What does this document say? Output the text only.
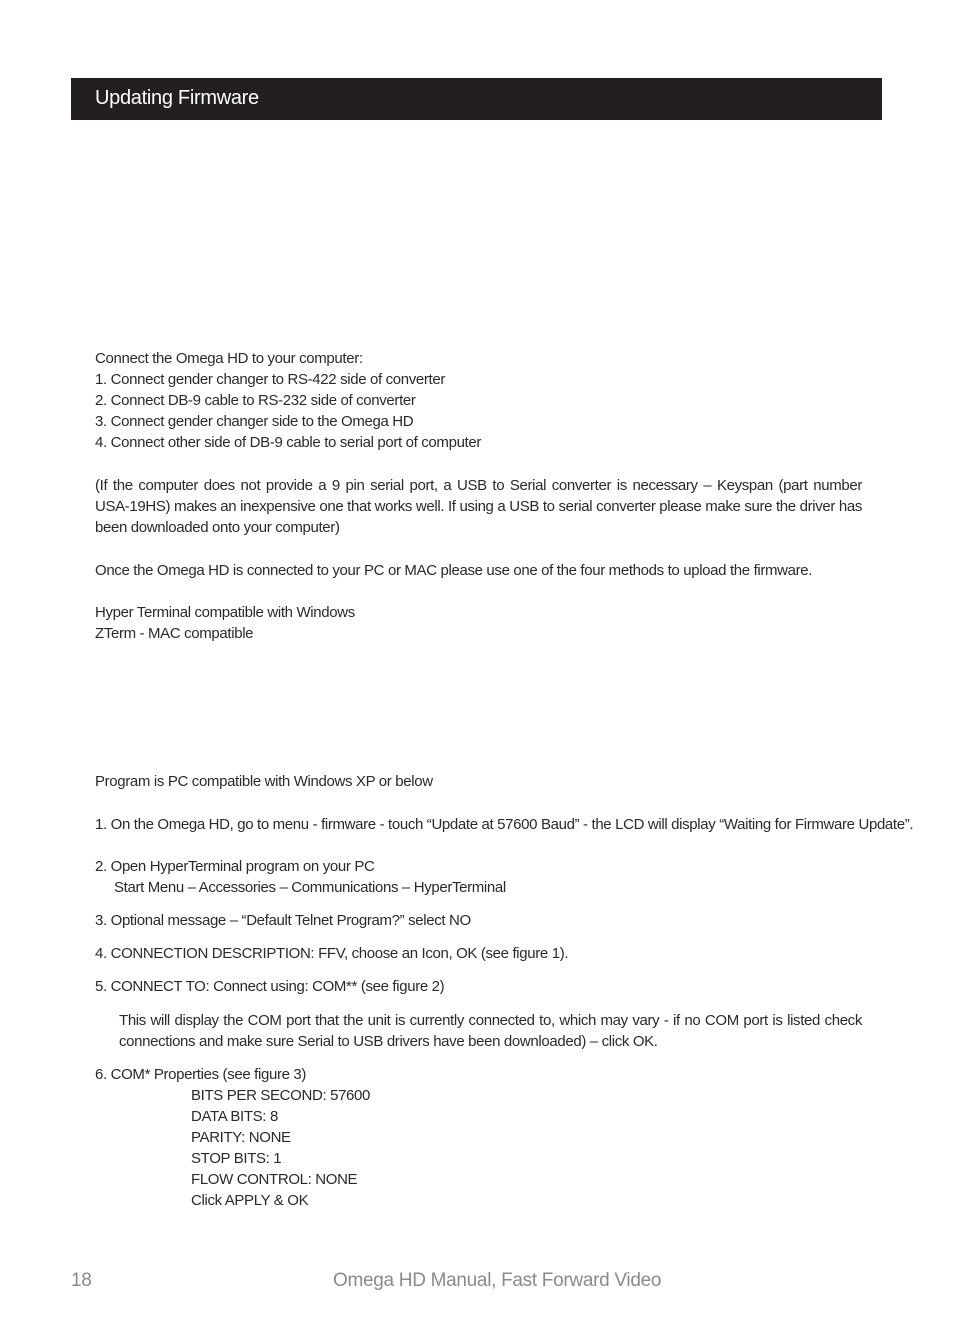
Updating Firmware
Connect the Omega HD to your computer:
1. Connect gender changer to RS-422 side of converter
2. Connect DB-9 cable to RS-232 side of converter
3. Connect gender changer side to the Omega HD
4. Connect other side of DB-9 cable to serial port of computer
(If the computer does not provide a 9 pin serial port, a USB to Serial converter is necessary – Keyspan (part number USA-19HS) makes an inexpensive one that works well. If using a USB to serial converter please make sure the driver has been downloaded onto your computer)
Once the Omega HD is connected to your PC or MAC please use one of the four methods to upload the firmware.
Hyper Terminal compatible with Windows
ZTerm - MAC compatible
Program is PC compatible with Windows XP or below
1. On the Omega HD, go to menu - firmware - touch “Update at 57600 Baud” - the LCD will display “Waiting for Firmware Update”.
2. Open HyperTerminal program on your PC
Start Menu – Accessories – Communications – HyperTerminal
3. Optional message – “Default Telnet Program?” select NO
4. CONNECTION DESCRIPTION: FFV, choose an Icon, OK (see figure 1).
5. CONNECT TO: Connect using: COM** (see figure 2)
This will display the COM port that the unit is currently connected to, which may vary - if no COM port is listed check connections and make sure Serial to USB drivers have been downloaded) – click OK.
6. COM* Properties (see figure 3)
BITS PER SECOND: 57600
DATA BITS: 8
PARITY: NONE
STOP BITS: 1
FLOW CONTROL: NONE
Click APPLY & OK
18	Omega HD Manual, Fast Forward Video
